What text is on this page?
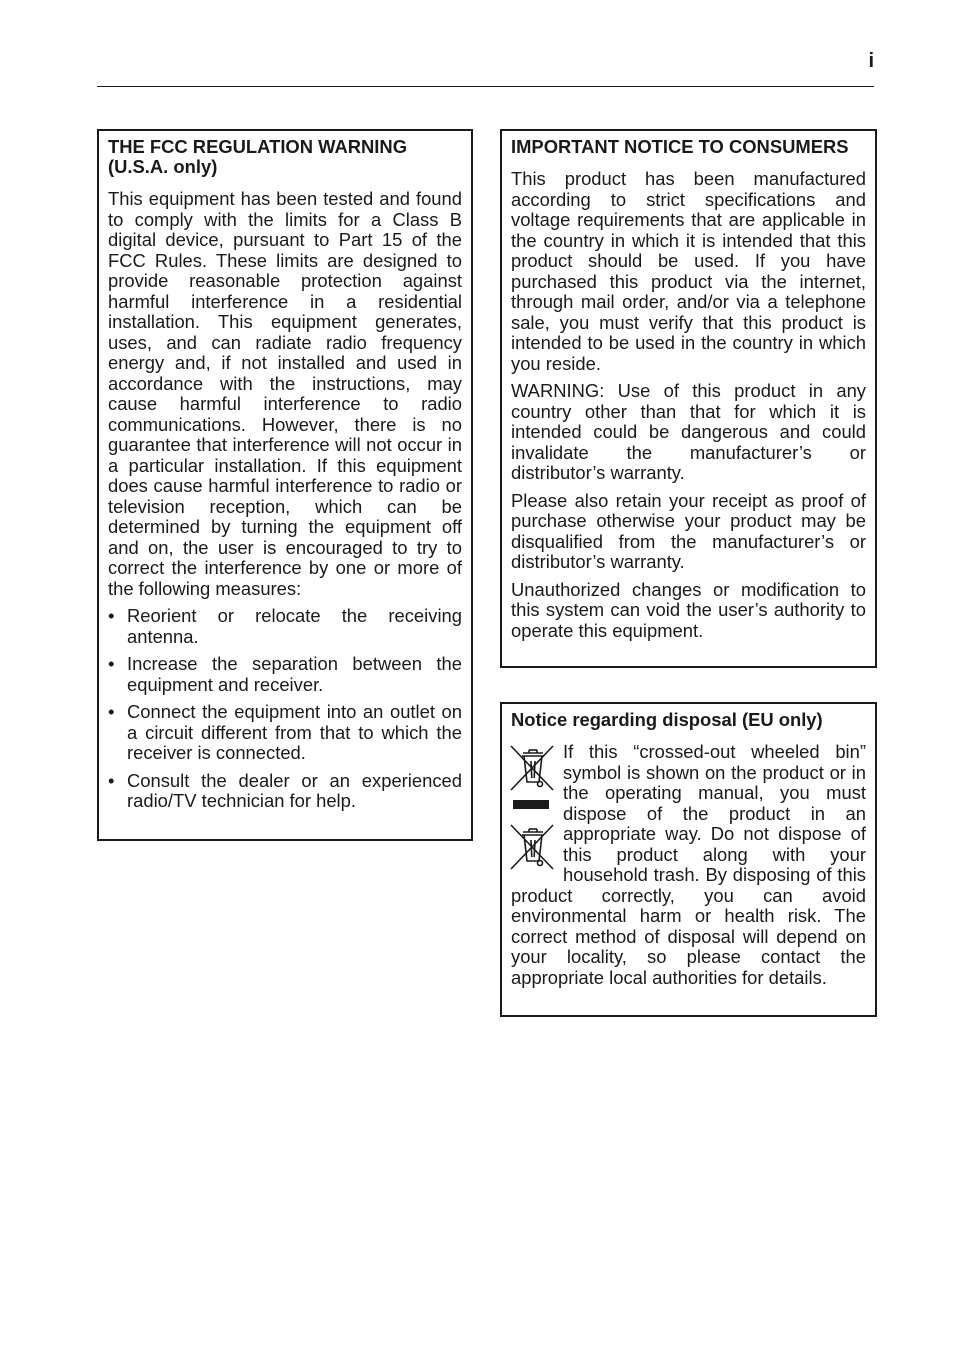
i
THE FCC REGULATION WARNING (U.S.A. only)

This equipment has been tested and found to comply with the limits for a Class B digital device, pursuant to Part 15 of the FCC Rules. These limits are designed to provide reasonable protection against harmful interference in a residential installation. This equipment generates, uses, and can radiate radio frequency energy and, if not installed and used in accordance with the instructions, may cause harmful interference to radio communications. However, there is no guarantee that interference will not occur in a particular installation. If this equipment does cause harmful interference to radio or television reception, which can be determined by turning the equipment off and on, the user is encouraged to try to correct the interference by one or more of the following measures:

• Reorient or relocate the receiving antenna.
• Increase the separation between the equipment and receiver.
• Connect the equipment into an outlet on a circuit different from that to which the receiver is connected.
• Consult the dealer or an experienced radio/TV technician for help.
IMPORTANT NOTICE TO CONSUMERS

This product has been manufactured according to strict specifications and voltage requirements that are applicable in the country in which it is intended that this product should be used. If you have purchased this product via the internet, through mail order, and/or via a telephone sale, you must verify that this product is intended to be used in the country in which you reside.

WARNING: Use of this product in any country other than that for which it is intended could be dangerous and could invalidate the manufacturer’s or distributor’s warranty.

Please also retain your receipt as proof of purchase otherwise your product may be disqualified from the manufacturer’s or distributor’s warranty.

Unauthorized changes or modification to this system can void the user’s authority to operate this equipment.

Notice regarding disposal (EU only)

If this “crossed-out wheeled bin” symbol is shown on the product or in the operating manual, you must dispose of the product in an appropriate way. Do not dispose of this product along with your household trash. By disposing of this product correctly, you can avoid environmental harm or health risk. The correct method of disposal will depend on your locality, so please contact the appropriate local authorities for details.
